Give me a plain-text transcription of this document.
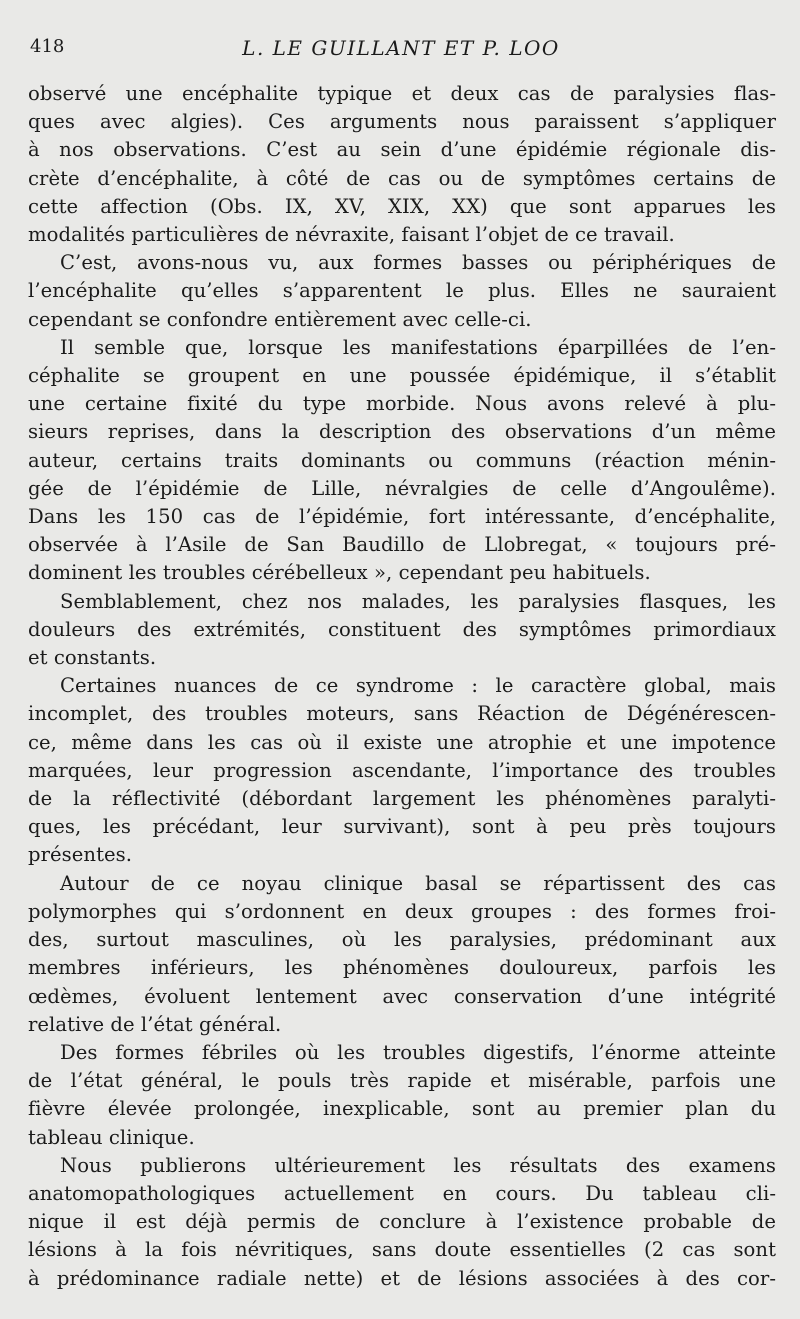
418	L. LE GUILLANT ET P. LOO
observé une encéphalite typique et deux cas de paralysies flas-
ques avec algies). Ces arguments nous paraissent s’appliquer
à nos observations. C’est au sein d’une épidémie régionale dis-
crète d’encéphalite, à côté de cas ou de symptômes certains de
cette affection (Obs. IX, XV, XIX, XX) que sont apparues les
modalités particulières de névraxite, faisant l’objet de ce travail.
C’est, avons-nous vu, aux formes basses ou périphériques de
l’encéphalite qu’elles s’apparentent le plus. Elles ne sauraient
cependant se confondre entièrement avec celle-ci.
Il semble que, lorsque les manifestations éparpillées de l’en-
céphalite se groupent en une poussée épidémique, il s’établit
une certaine fixité du type morbide. Nous avons relevé à plu-
sieurs reprises, dans la description des observations d’un même
auteur, certains traits dominants ou communs (réaction ménin-
gée de l’épidémie de Lille, névralgies de celle d’Angoulême).
Dans les 150 cas de l’épidémie, fort intéressante, d’encéphalite,
observée à l’Asile de San Baudillo de Llobregat, « toujours pré-
dominent les troubles cérébelleux », cependant peu habituels.
Semblablement, chez nos malades, les paralysies flasques, les
douleurs des extrémités, constituent des symptômes primordiaux
et constants.
Certaines nuances de ce syndrome : le caractère global, mais
incomplet, des troubles moteurs, sans Réaction de Dégénérescen-
ce, même dans les cas où il existe une atrophie et une impotence
marquées, leur progression ascendante, l’importance des troubles
de la réflectivité (débordant largement les phénomènes paralyti-
ques, les précédant, leur survivant), sont à peu près toujours
présentes.
Autour de ce noyau clinique basal se répartissent des cas
polymorphes qui s’ordonnent en deux groupes : des formes froi-
des, surtout masculines, où les paralysies, prédominant aux
membres inférieurs, les phénomènes douloureux, parfois les
œdèmes, évoluent lentement avec conservation d’une intégrité
relative de l’état général.
Des formes fébriles où les troubles digestifs, l’énorme atteinte
de l’état général, le pouls très rapide et misérable, parfois une
fièvre élevée prolongée, inexplicable, sont au premier plan du
tableau clinique.
Nous publierons ultérieurement les résultats des examens
anatomopathologiques actuellement en cours. Du tableau cli-
nique il est déjà permis de conclure à l’existence probable de
lésions à la fois névritiques, sans doute essentielles (2 cas sont
à prédominance radiale nette) et de lésions associées à des cor-
